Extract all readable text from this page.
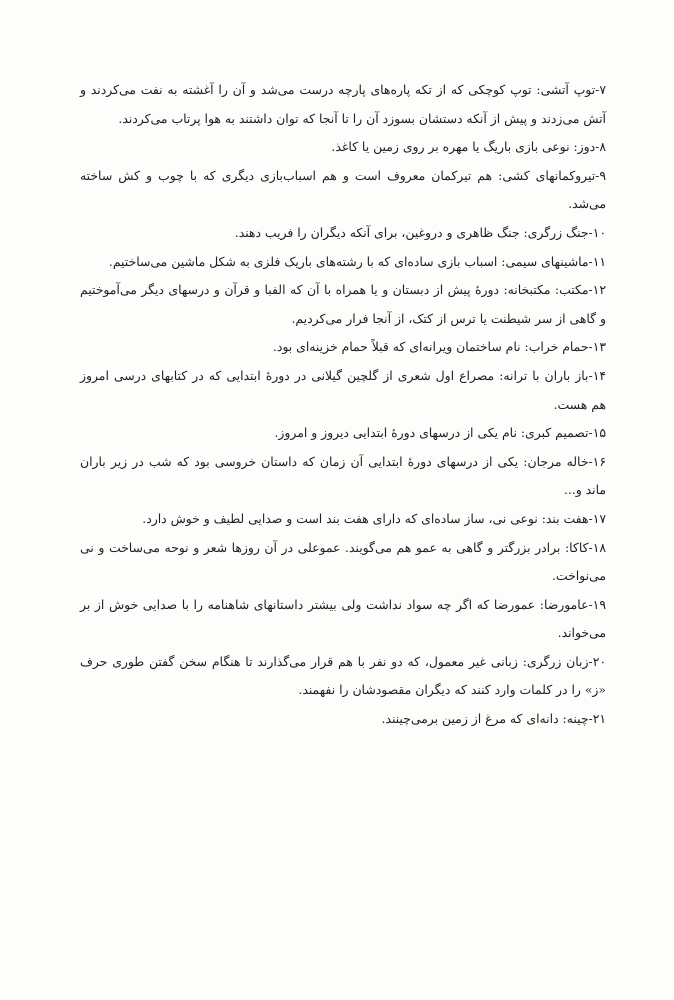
۷-توپ آتشی: توپ کوچکی که از تکه پاره‌های پارچه درست می‌شد و آن را آغشته به نفت می‌کردند و آتش می‌زدند و پیش از آنکه دستشان بسوزد آن را تا آنجا که توان داشتند به هوا پرتاب می‌کردند.

۸-دوز: نوعی بازی باریگ یا مهره بر روی زمین یا کاغذ.

۹-تیروکمانهای کشی: هم تیرکمان معروف است و هم اسباب‌بازی دیگری که با چوب و کش ساخته می‌شد.

۱۰-جنگ زرگری: جنگ ظاهری و دروغین، برای آنکه دیگران را فریب دهند.

۱۱-ماشینهای سیمی: اسباب بازی ساده‌ای که با رشته‌های باریک فلزی به شکل ماشین می‌ساختیم.

۱۲-مکتب: مکتبخانه: دورهٔ پیش از دبستان و یا همراه با آن که الفبا و قرآن و درسهای دیگر می‌آموختیم و گاهی از سر شیطنت یا ترس از کتک، از آنجا فرار می‌کردیم.

۱۳-حمام خراب: نام ساختمان ویرانه‌ای که قبلاً حمام خزینه‌ای بود.

۱۴-باز باران با ترانه: مصراع اول شعری از گلچین گیلانی در دورهٔ ابتدایی که در کتابهای درسی امروز هم هست.

۱۵-تصمیم کبری: نام یکی از درسهای دورهٔ ابتدایی دیروز و امروز.

۱۶-خاله مرجان: یکی از درسهای دورهٔ ابتدایی آن زمان که داستان خروسی بود که شب در زیر باران ماند و...

۱۷-هفت بند: نوعی نی، ساز ساده‌ای که دارای هفت بند است و صدایی لطیف و خوش دارد.

۱۸-کاکا: برادر بزرگتر و گاهی به عمو هم می‌گویند. عموعلی در آن روزها شعر و نوحه می‌ساخت و نی می‌نواخت.

۱۹-عامورضا: عمورضا که اگر چه سواد نداشت ولی بیشتر داستانهای شاهنامه را با صدایی خوش از بر می‌خواند.

۲۰-زبان زرگری: زبانی غیر معمول، که دو نفر با هم قرار می‌گذارند تا هنگام سخن گفتن طوری حرف «ز» را در کلمات وارد کنند که دیگران مقصودشان را نفهمند.

۲۱-چینه: دانه‌ای که مرغ از زمین برمی‌چینند.
